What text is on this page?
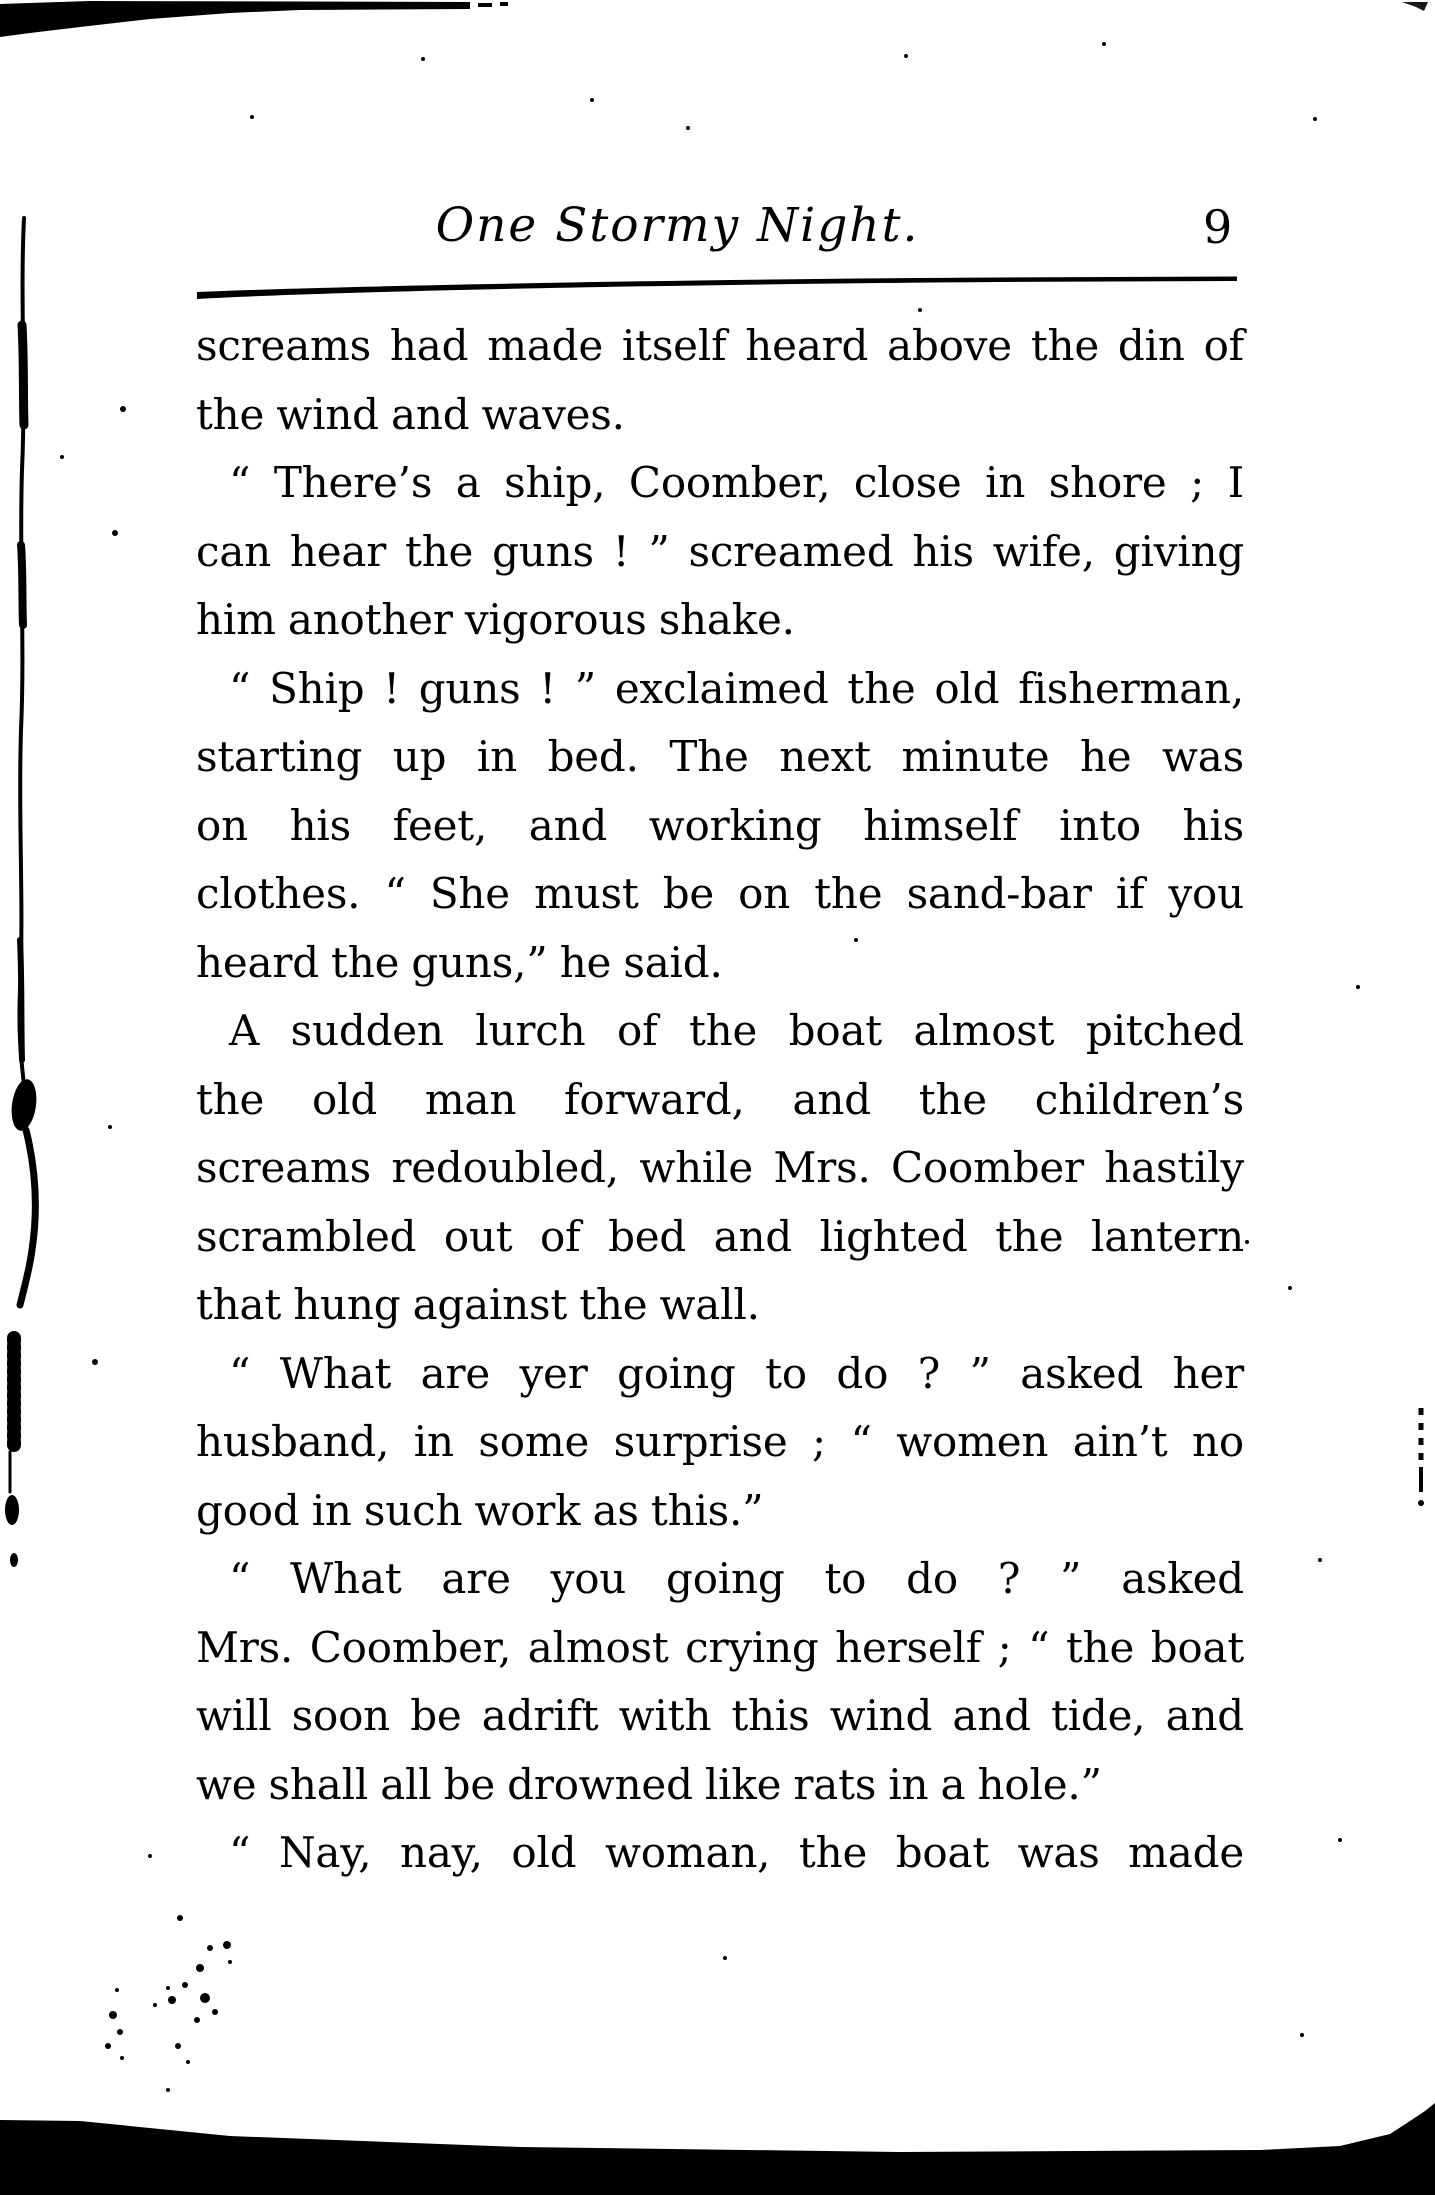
One Stormy Night.	9
screams had made itself heard above the din of
the wind and waves.
“ There’s a ship, Coomber, close in shore ; I
can hear the guns ! ” screamed his wife, giving
him another vigorous shake.
“ Ship ! guns ! ” exclaimed the old fisherman,
starting up in bed. The next minute he was
on his feet, and working himself into his
clothes. “ She must be on the sand-bar if you
heard the guns,” he said.
A sudden lurch of the boat almost pitched
the old man forward, and the children’s
screams redoubled, while Mrs. Coomber hastily
scrambled out of bed and lighted the lantern
that hung against the wall.
“ What are yer going to do ? ” asked her
husband, in some surprise ; “ women ain’t no
good in such work as this.”
“ What are you going to do ? ” asked
Mrs. Coomber, almost crying herself ; “ the boat
will soon be adrift with this wind and tide, and
we shall all be drowned like rats in a hole.”
“ Nay, nay, old woman, the boat was made
